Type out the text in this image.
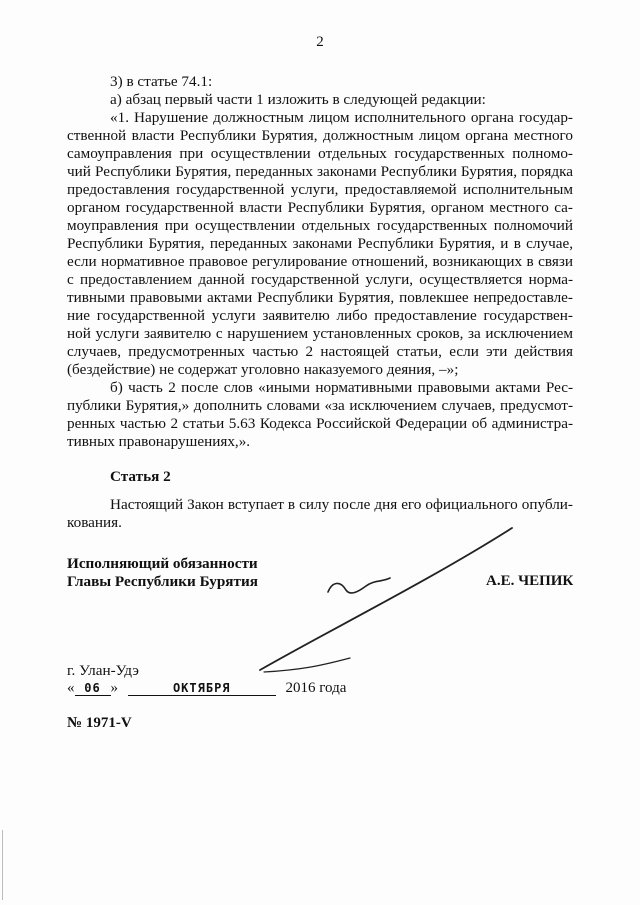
2
3) в статье 74.1:
а) абзац первый части 1 изложить в следующей редакции:
«1. Нарушение должностным лицом исполнительного органа государ-
ственной власти Республики Бурятия, должностным лицом органа местного
самоуправления при осуществлении отдельных государственных полномо-
чий Республики Бурятия, переданных законами Республики Бурятия, порядка
предоставления государственной услуги, предоставляемой исполнительным
органом государственной власти Республики Бурятия, органом местного са-
моуправления при осуществлении отдельных государственных полномочий
Республики Бурятия, переданных законами Республики Бурятия, и в случае,
если нормативное правовое регулирование отношений, возникающих в связи
с предоставлением данной государственной услуги, осуществляется норма-
тивными правовыми актами Республики Бурятия, повлекшее непредоставле-
ние государственной услуги заявителю либо предоставление государствен-
ной услуги заявителю с нарушением установленных сроков, за исключением
случаев, предусмотренных частью 2 настоящей статьи, если эти действия
(бездействие) не содержат уголовно наказуемого деяния, –»;
б) часть 2 после слов «иными нормативными правовыми актами Рес-
публики Бурятия,» дополнить словами «за исключением случаев, предусмот-
ренных частью 2 статьи 5.63 Кодекса Российской Федерации об администра-
тивных правонарушениях,».
Статья 2
Настоящий Закон вступает в силу после дня его официального опубли-
кования.
Исполняющий обязанности
Главы Республики Бурятия	А.Е. ЧЕПИК
г. Улан-Удэ
« 06 »	ОКТЯБРЯ	2016 года
№ 1971-V
